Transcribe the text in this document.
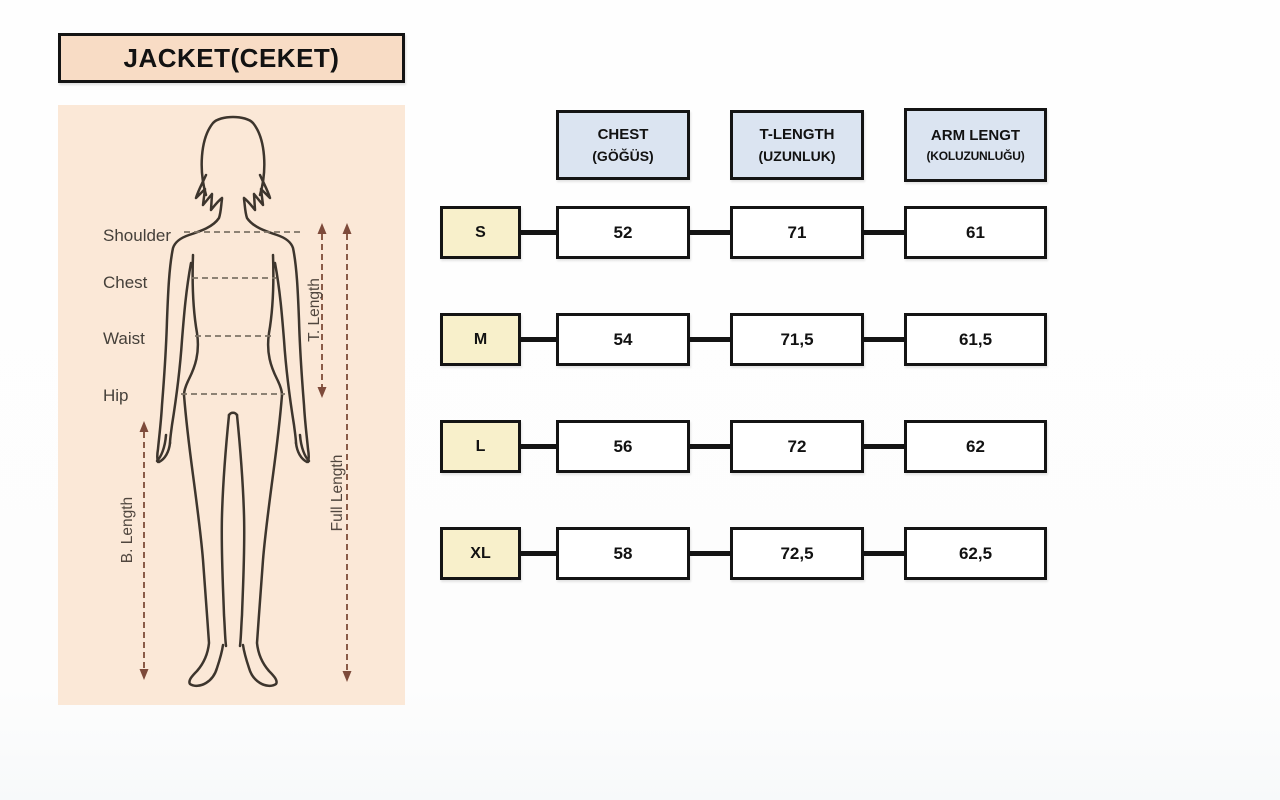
JACKET(CEKET)
Shoulder
Chest
Waist
Hip
T. Length
Full Length
B. Length
CHEST
(GÖĞÜS)
T-LENGTH
(UZUNLUK)
ARM LENGT
(KOLUZUNLUĞU)
S	52	71	61
M	54	71,5	61,5
L	56	72	62
XL	58	72,5	62,5
